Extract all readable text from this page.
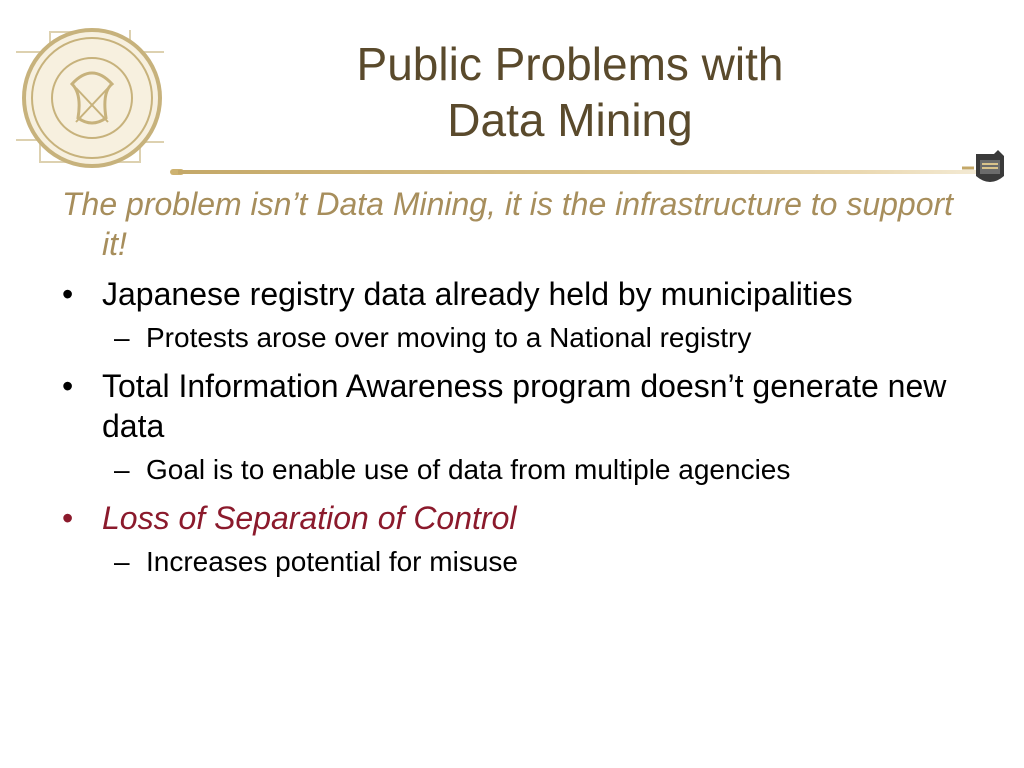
Public Problems with
Data Mining

The problem isn’t Data Mining, it is the infrastructure to support it!

• Japanese registry data already held by municipalities
– Protests arose over moving to a National registry
• Total Information Awareness program doesn’t generate new data
– Goal is to enable use of data from multiple agencies
• Loss of Separation of Control
– Increases potential for misuse
